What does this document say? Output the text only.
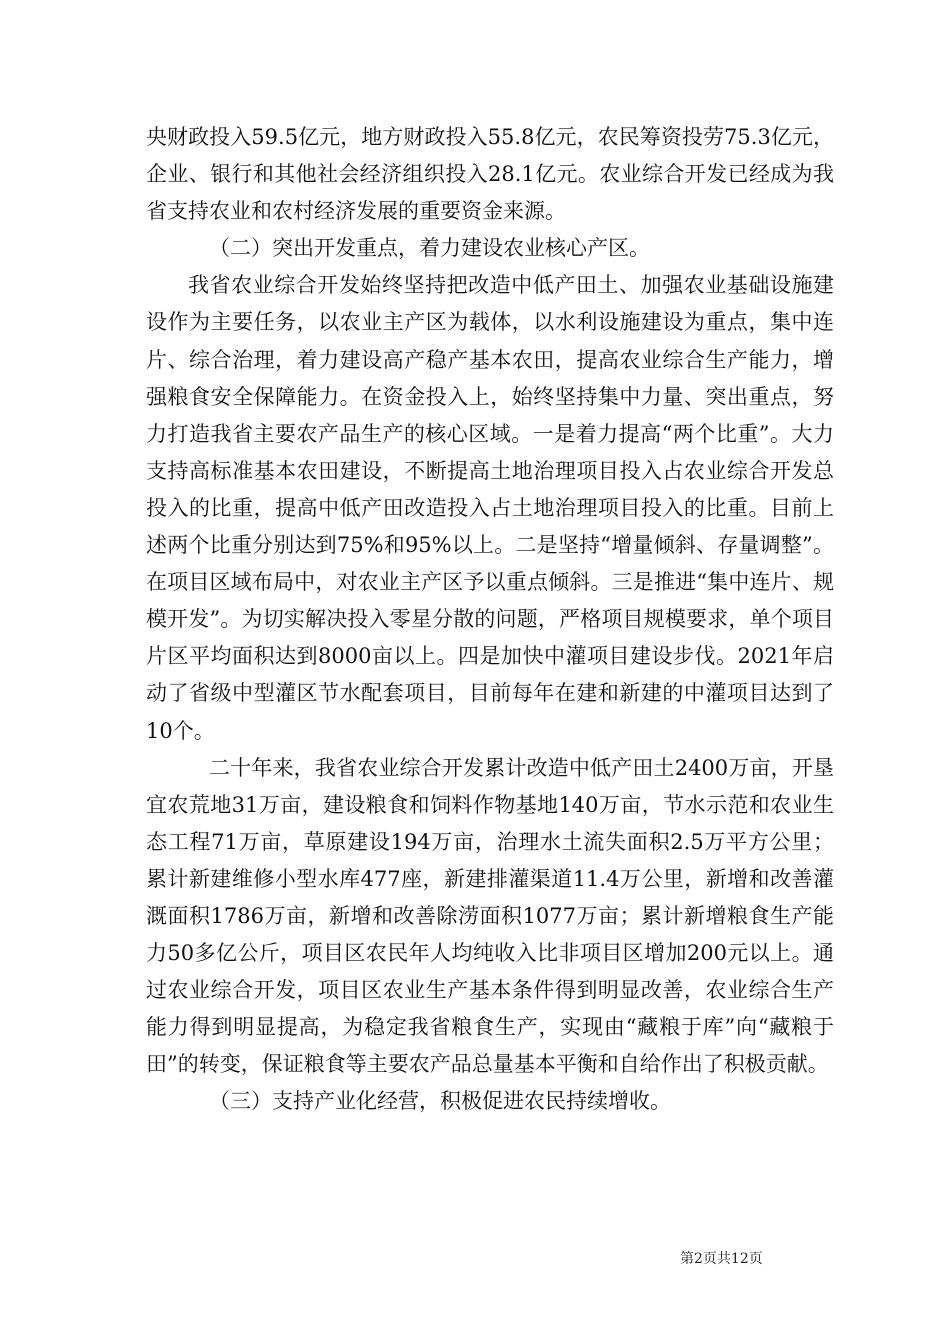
央财政投入59.5亿元，地方财政投入55.8亿元，农民筹资投劳75.3亿元，企业、银行和其他社会经济组织投入28.1亿元。农业综合开发已经成为我省支持农业和农村经济发展的重要资金来源。

（二）突出开发重点，着力建设农业核心产区。

我省农业综合开发始终坚持把改造中低产田土、加强农业基础设施建设作为主要任务，以农业主产区为载体，以水利设施建设为重点，集中连片、综合治理，着力建设高产稳产基本农田，提高农业综合生产能力，增强粮食安全保障能力。在资金投入上，始终坚持集中力量、突出重点，努力打造我省主要农产品生产的核心区域。一是着力提高“两个比重”。大力支持高标准基本农田建设，不断提高土地治理项目投入占农业综合开发总投入的比重，提高中低产田改造投入占土地治理项目投入的比重。目前上述两个比重分别达到75%和95%以上。二是坚持“增量倾斜、存量调整”。在项目区域布局中，对农业主产区予以重点倾斜。三是推进“集中连片、规模开发”。为切实解决投入零星分散的问题，严格项目规模要求，单个项目片区平均面积达到8000亩以上。四是加快中灌项目建设步伐。2021年启动了省级中型灌区节水配套项目，目前每年在建和新建的中灌项目达到了10个。

二十年来，我省农业综合开发累计改造中低产田土2400万亩，开垦宜农荒地31万亩，建设粮食和饲料作物基地140万亩，节水示范和农业生态工程71万亩，草原建设194万亩，治理水土流失面积2.5万平方公里；累计新建维修小型水库477座，新建排灌渠道11.4万公里，新增和改善灌溉面积1786万亩，新增和改善除涝面积1077万亩；累计新增粮食生产能力50多亿公斤，项目区农民年人均纯收入比非项目区增加200元以上。通过农业综合开发，项目区农业生产基本条件得到明显改善，农业综合生产能力得到明显提高，为稳定我省粮食生产，实现由“藏粮于库”向“藏粮于田”的转变，保证粮食等主要农产品总量基本平衡和自给作出了积极贡献。

（三）支持产业化经营，积极促进农民持续增收。

第2页共12页
